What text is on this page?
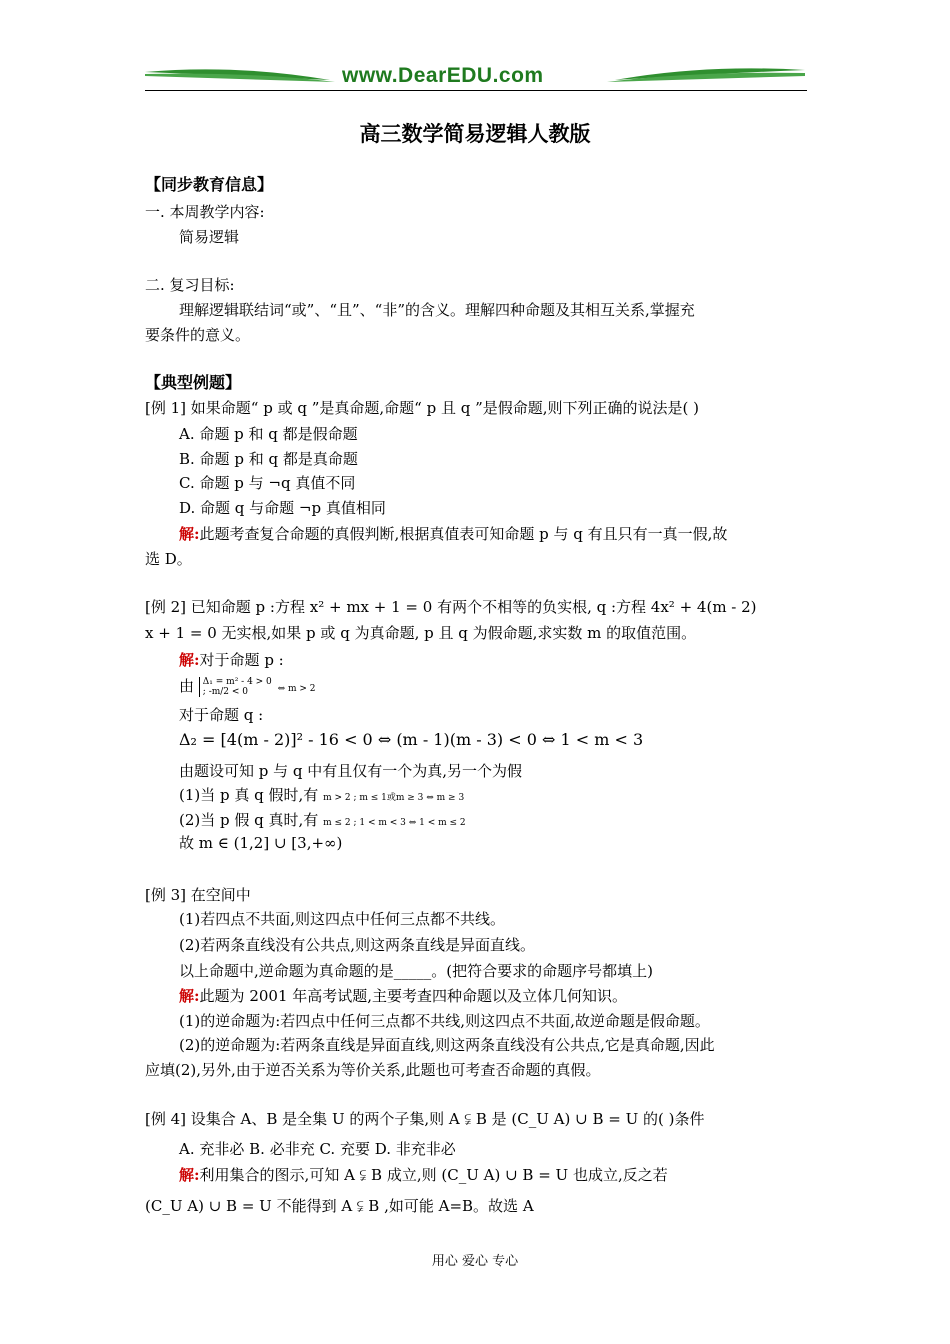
www.DearEDU.com
高三数学简易逻辑人教版
【同步教育信息】
一. 本周教学内容:
简易逻辑
二. 复习目标:
理解逻辑联结词“或”、“且”、“非”的含义。理解四种命题及其相互关系,掌握充
要条件的意义。
【典型例题】
[例 1] 如果命题“ p 或 q ”是真命题,命题“ p 且 q ”是假命题,则下列正确的说法是( )
A. 命题 p 和 q 都是假命题
B. 命题 p 和 q 都是真命题
C. 命题 p 与 ¬q 真值不同
D. 命题 q 与命题 ¬p 真值相同
解:此题考查复合命题的真假判断,根据真值表可知命题 p 与 q 有且只有一真一假,故
选 D。
[例 2] 已知命题 p :方程 x² + mx + 1 = 0 有两个不相等的负实根, q :方程 4x² + 4(m - 2)
x + 1 = 0 无实根,如果 p 或 q 为真命题, p 且 q 为假命题,求实数 m 的取值范围。
解:对于命题 p :
由 Δ₁ = m² - 4 > 0 ; -m/2 < 0	⇔ m > 2
对于命题 q :
Δ₂ = [4(m - 2)]² - 16 < 0 ⇔ (m - 1)(m - 3) < 0 ⇔ 1 < m < 3
由题设可知 p 与 q 中有且仅有一个为真,另一个为假
(1)当 p 真 q 假时,有 m > 2 ; m ≤ 1或m ≥ 3 ⇔ m ≥ 3
(2)当 p 假 q 真时,有 m ≤ 2 ; 1 < m < 3 ⇔ 1 < m ≤ 2
故 m ∈ (1,2] ∪ [3,+∞)
[例 3] 在空间中
(1)若四点不共面,则这四点中任何三点都不共线。
(2)若两条直线没有公共点,则这两条直线是异面直线。
以上命题中,逆命题为真命题的是_____。(把符合要求的命题序号都填上)
解:此题为 2001 年高考试题,主要考查四种命题以及立体几何知识。
(1)的逆命题为:若四点中任何三点都不共线,则这四点不共面,故逆命题是假命题。
(2)的逆命题为:若两条直线是异面直线,则这两条直线没有公共点,它是真命题,因此
应填(2),另外,由于逆否关系为等价关系,此题也可考查否命题的真假。
[例 4] 设集合 A、B 是全集 U 的两个子集,则 A ⫋ B 是 (C_U A) ∪ B = U 的( )条件
A. 充非必 B. 必非充 C. 充要 D. 非充非必
解:利用集合的图示,可知 A ⫋ B 成立,则 (C_U A) ∪ B = U 也成立,反之若
(C_U A) ∪ B = U 不能得到 A ⫋ B ,如可能 A=B。故选 A
用心 爱心 专心
